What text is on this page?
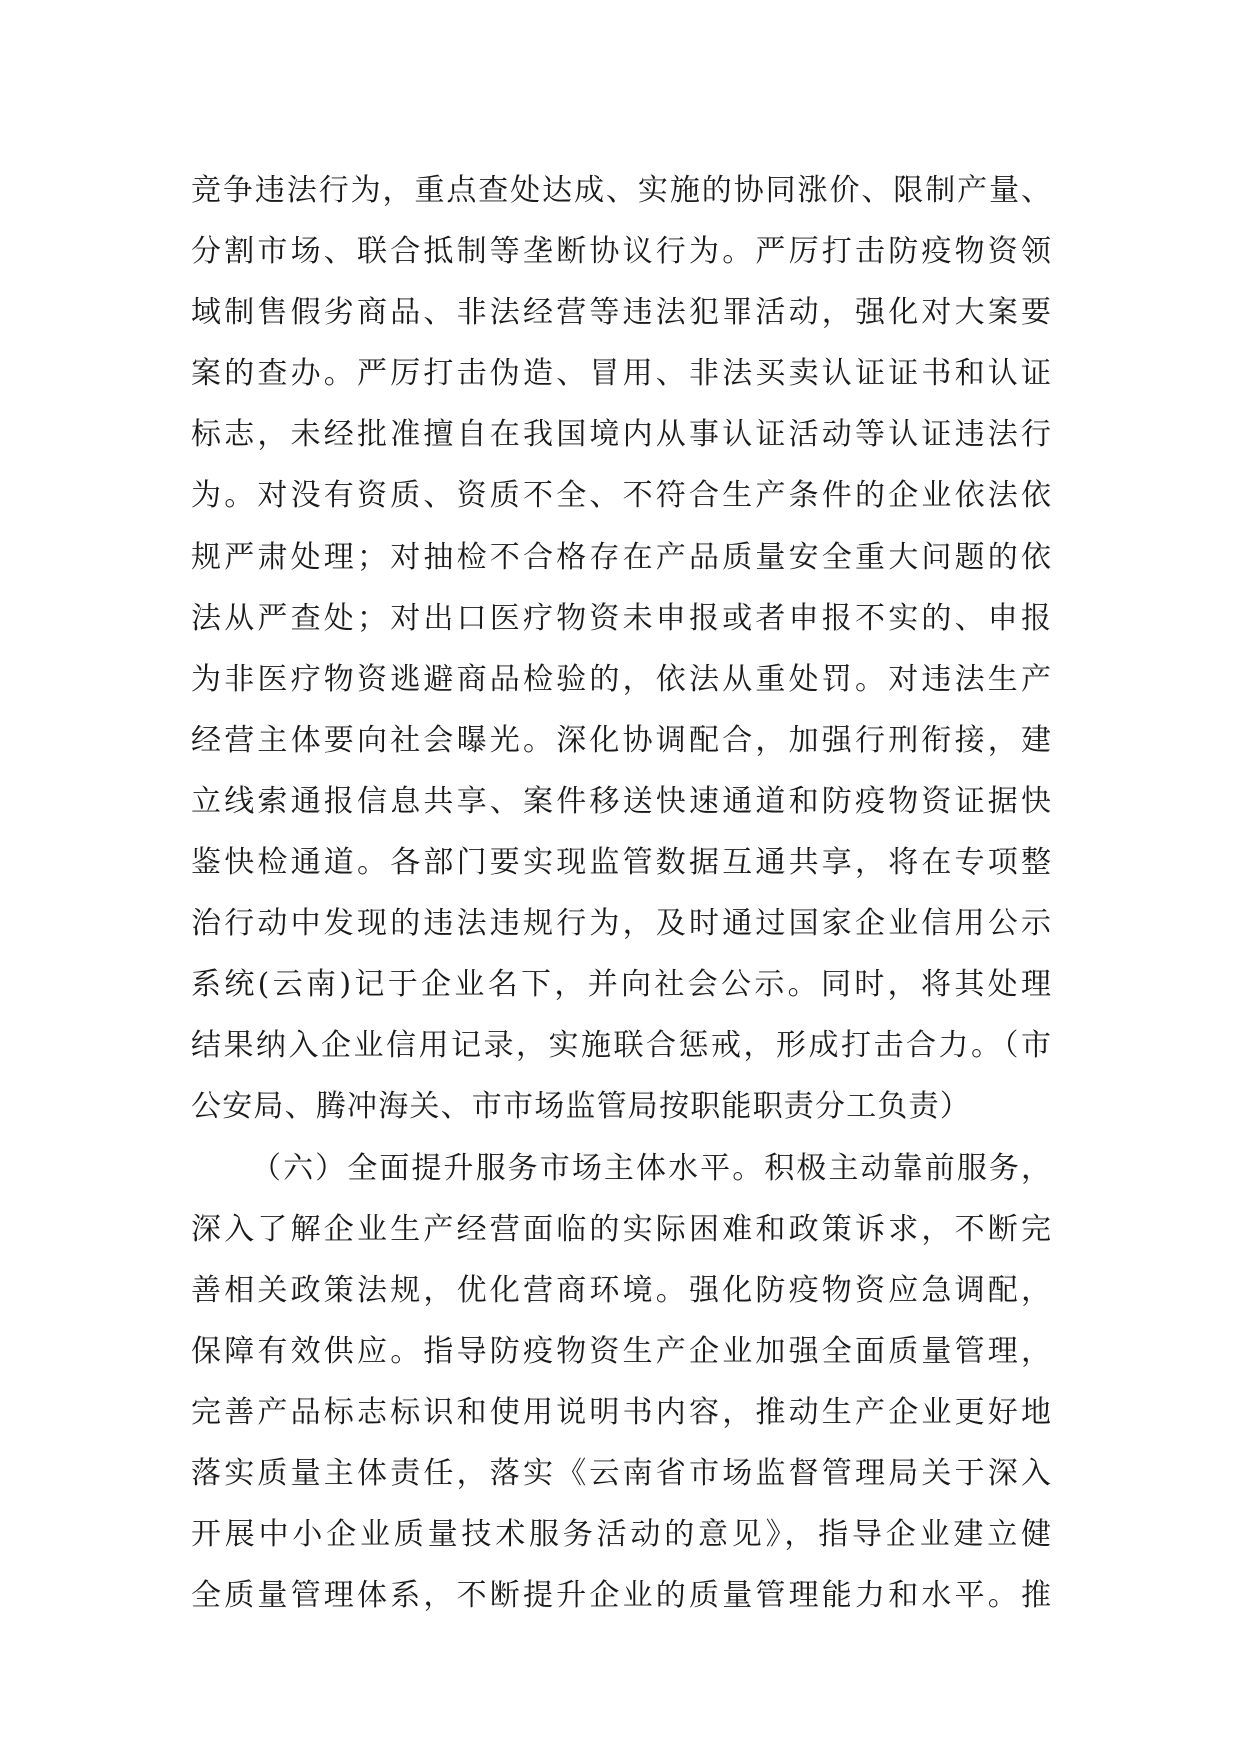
竞争违法行为，重点查处达成、实施的协同涨价、限制产量、
分割市场、联合抵制等垄断协议行为。严厉打击防疫物资领
域制售假劣商品、非法经营等违法犯罪活动，强化对大案要
案的查办。严厉打击伪造、冒用、非法买卖认证证书和认证
标志，未经批准擅自在我国境内从事认证活动等认证违法行
为。对没有资质、资质不全、不符合生产条件的企业依法依
规严肃处理；对抽检不合格存在产品质量安全重大问题的依
法从严查处；对出口医疗物资未申报或者申报不实的、申报
为非医疗物资逃避商品检验的，依法从重处罚。对违法生产
经营主体要向社会曝光。深化协调配合，加强行刑衔接，建
立线索通报信息共享、案件移送快速通道和防疫物资证据快
鉴快检通道。各部门要实现监管数据互通共享，将在专项整
治行动中发现的违法违规行为，及时通过国家企业信用公示
系统(云南)记于企业名下，并向社会公示。同时，将其处理
结果纳入企业信用记录，实施联合惩戒，形成打击合力。（市
公安局、腾冲海关、市市场监管局按职能职责分工负责）
（六）全面提升服务市场主体水平。积极主动靠前服务，
深入了解企业生产经营面临的实际困难和政策诉求，不断完
善相关政策法规，优化营商环境。强化防疫物资应急调配，
保障有效供应。指导防疫物资生产企业加强全面质量管理，
完善产品标志标识和使用说明书内容，推动生产企业更好地
落实质量主体责任，落实《云南省市场监督管理局关于深入
开展中小企业质量技术服务活动的意见》，指导企业建立健
全质量管理体系，不断提升企业的质量管理能力和水平。推
